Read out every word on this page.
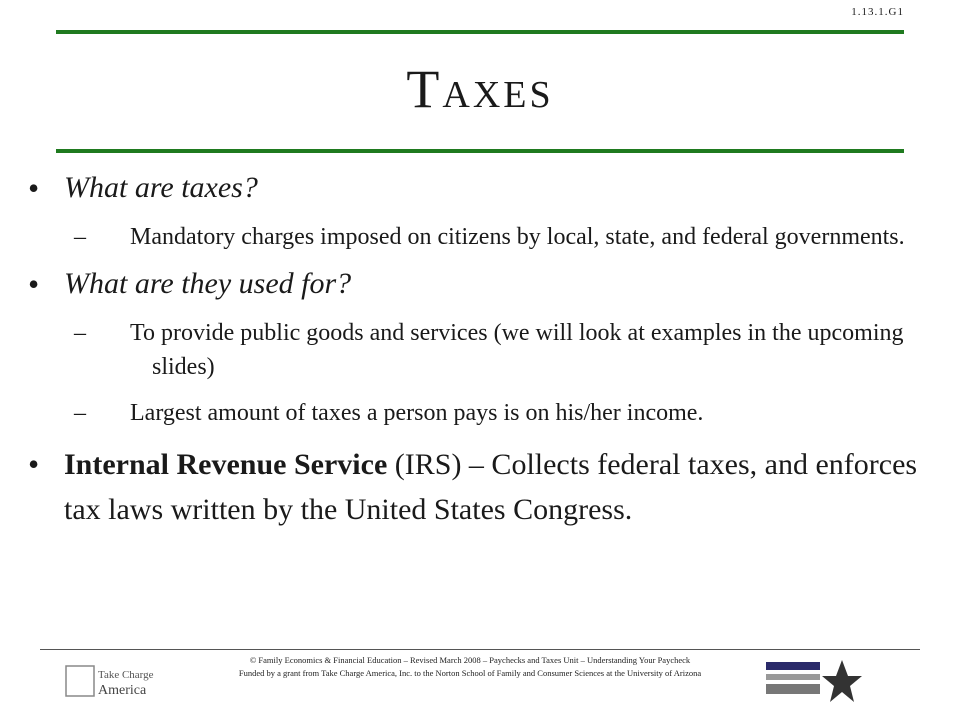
1.13.1.G1
Taxes
• What are taxes?
– Mandatory charges imposed on citizens by local, state, and federal governments.
• What are they used for?
– To provide public goods and services (we will look at examples in the upcoming slides)
– Largest amount of taxes a person pays is on his/her income.
• Internal Revenue Service (IRS) – Collects federal taxes, and enforces tax laws written by the United States Congress.
© Family Economics & Financial Education – Revised March 2008 – Paychecks and Taxes Unit – Understanding Your Paycheck
Funded by a grant from Take Charge America, Inc. to the Norton School of Family and Consumer Sciences at the University of Arizona
Take Charge
America
